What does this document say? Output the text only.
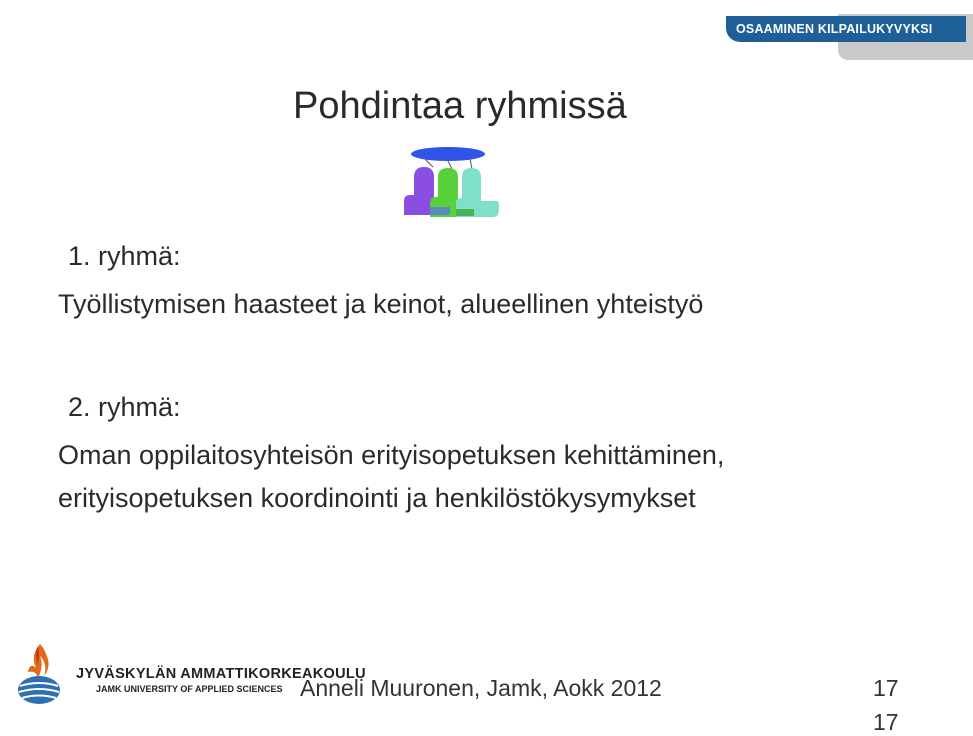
OSAAMINEN KILPAILUKYVYKSI
Pohdintaa ryhmissä
1. ryhmä:
Työllistymisen haasteet ja keinot, alueellinen yhteistyö
2. ryhmä:
Oman oppilaitosyhteisön erityisopetuksen kehittäminen,
erityisopetuksen koordinointi ja henkilöstökysymykset
JYVÄSKYLÄN AMMATTIKORKEAKOULU
JAMK UNIVERSITY OF APPLIED SCIENCES Anneli Muuronen, Jamk, Aokk 2012	17
17
